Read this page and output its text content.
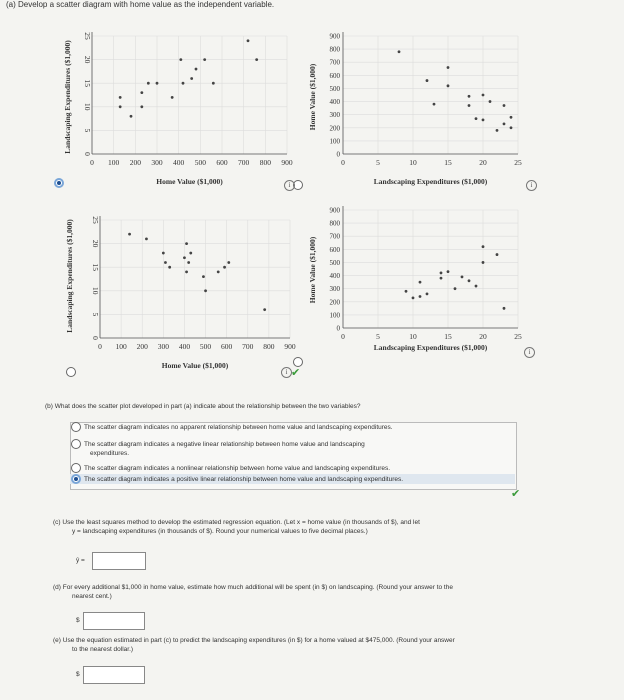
(a) Develop a scatter diagram with home value as the independent variable.
0 100 200 300 400 500 600 700 800 900
0
5
10
15
20
25
Home Value ($1,000)
Landscaping Expenditures ($1,000)
0	5	10	15	20	25
0
100
200
300
400
500
600
700
800
900
Landscaping Expenditures ($1,000)
Home Value ($1,000)
i	i
0 100 200 300 400 500 600 700 800 900
0
5
10
15
20
25
Home Value ($1,000)
Landscaping Expenditures ($1,000)
0	5	10	15	20	25
0
100
200
300
400
500
600
700
800
900
Landscaping Expenditures ($1,000)
Home Value ($1,000)
i ✔
i
(b) What does the scatter plot developed in part (a) indicate about the relationship between the two variables?
The scatter diagram indicates no apparent relationship between home value and landscaping expenditures.
The scatter diagram indicates a negative linear relationship between home value and landscaping
expenditures.
The scatter diagram indicates a nonlinear relationship between home value and landscaping expenditures.
The scatter diagram indicates a positive linear relationship between home value and landscaping expenditures.
✔
(c) Use the least squares method to develop the estimated regression equation. (Let x = home value (in thousands of $), and let
y = landscaping expenditures (in thousands of $). Round your numerical values to five decimal places.)
ŷ =
(d) For every additional $1,000 in home value, estimate how much additional will be spent (in $) on landscaping. (Round your answer to the
nearest cent.)
$
(e) Use the equation estimated in part (c) to predict the landscaping expenditures (in $) for a home valued at $475,000. (Round your answer
to the nearest dollar.)
$
